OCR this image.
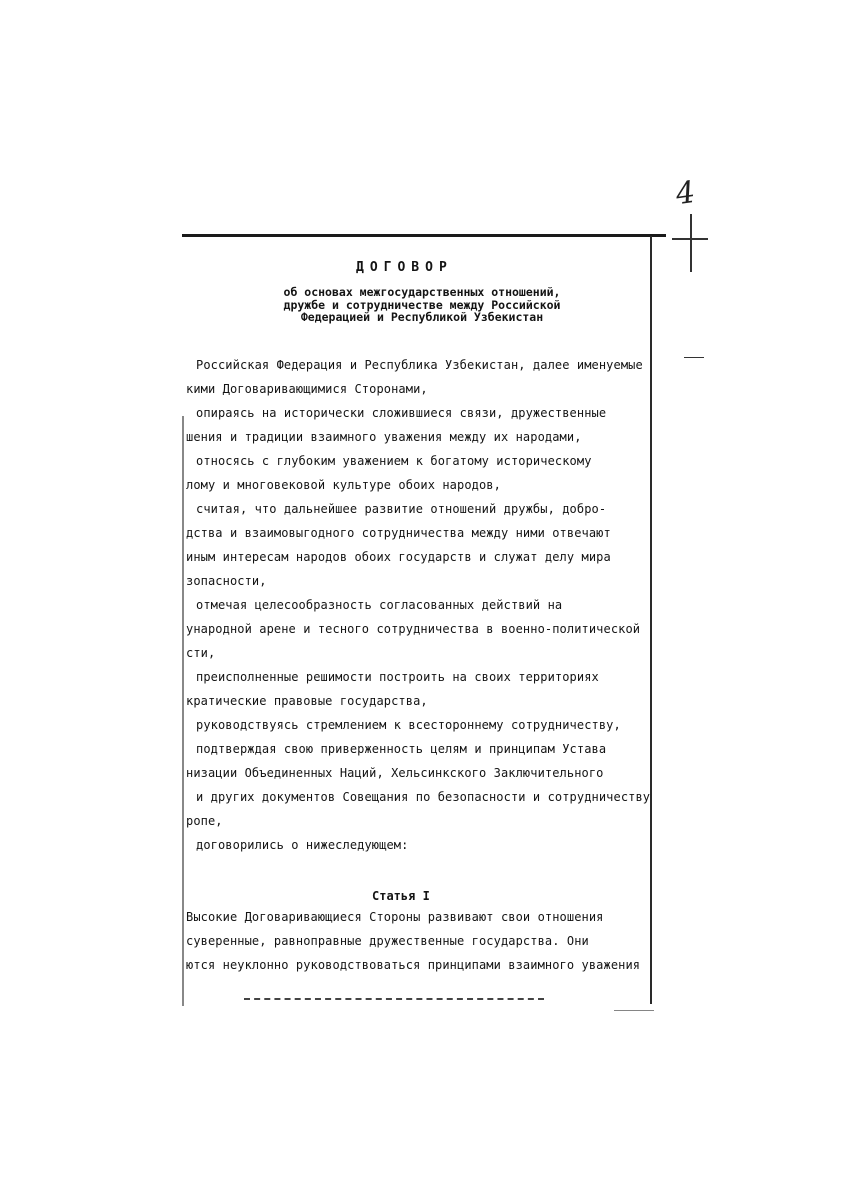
4
ДОГОВОР
об основах межгосударственных отношений,
дружбе и сотрудничестве между Российской
Федерацией и Республикой Узбекистан
Российская Федерация и Республика Узбекистан, далее именуемые
кими Договаривающимися Сторонами,
опираясь на исторически сложившиеся связи, дружественные
шения и традиции взаимного уважения между их народами,
относясь с глубоким уважением к богатому историческому
лому и многовековой культуре обоих народов,
считая, что дальнейшее развитие отношений дружбы, добро-
дства и взаимовыгодного сотрудничества между ними отвечают
иным интересам народов обоих государств и служат делу мира
зопасности,
отмечая целесообразность согласованных действий на
ународной арене и тесного сотрудничества в военно-политической
сти,
преисполненные решимости построить на своих территориях
кратические правовые государства,
руководствуясь стремлением к всестороннему сотрудничеству,
подтверждая свою приверженность целям и принципам Устава
низации Объединенных Наций, Хельсинкского Заключительного
и других документов Совещания по безопасности и сотрудничеству
ропе,
договорились о нижеследующем:
Статья I
Высокие Договаривающиеся Стороны развивают свои отношения
суверенные, равноправные дружественные государства. Они
ются неуклонно руководствоваться принципами взаимного уважения
